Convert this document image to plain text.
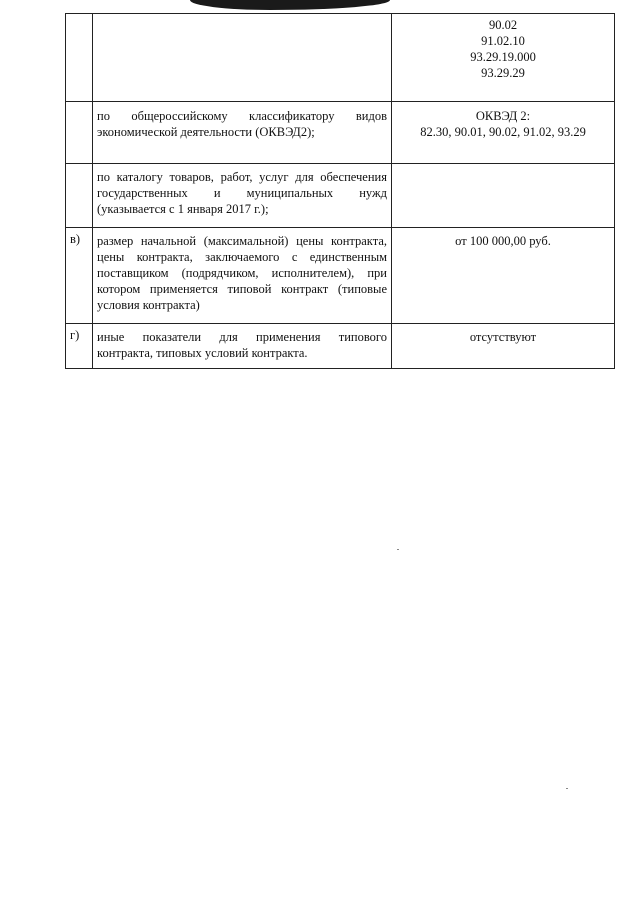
		90.02
91.02.10
93.29.19.000
93.29.29

	по общероссийскому классификатору видов
экономической деятельности (ОКВЭД2);	ОКВЭД 2:
82.30, 90.01, 90.02, 91.02, 93.29

	по каталогу товаров, работ, услуг для обеспечения
государственных и муниципальных нужд
(указывается с 1 января 2017 г.);	

в)	размер начальной (максимальной) цены контракта,
цены контракта, заключаемого с единственным
поставщиком (подрядчиком, исполнителем), при
котором применяется типовой контракт (типовые
условия контракта)	от 100 000,00 руб.

г)	иные показатели для применения типового
контракта, типовых условий контракта.	отсутствуют
